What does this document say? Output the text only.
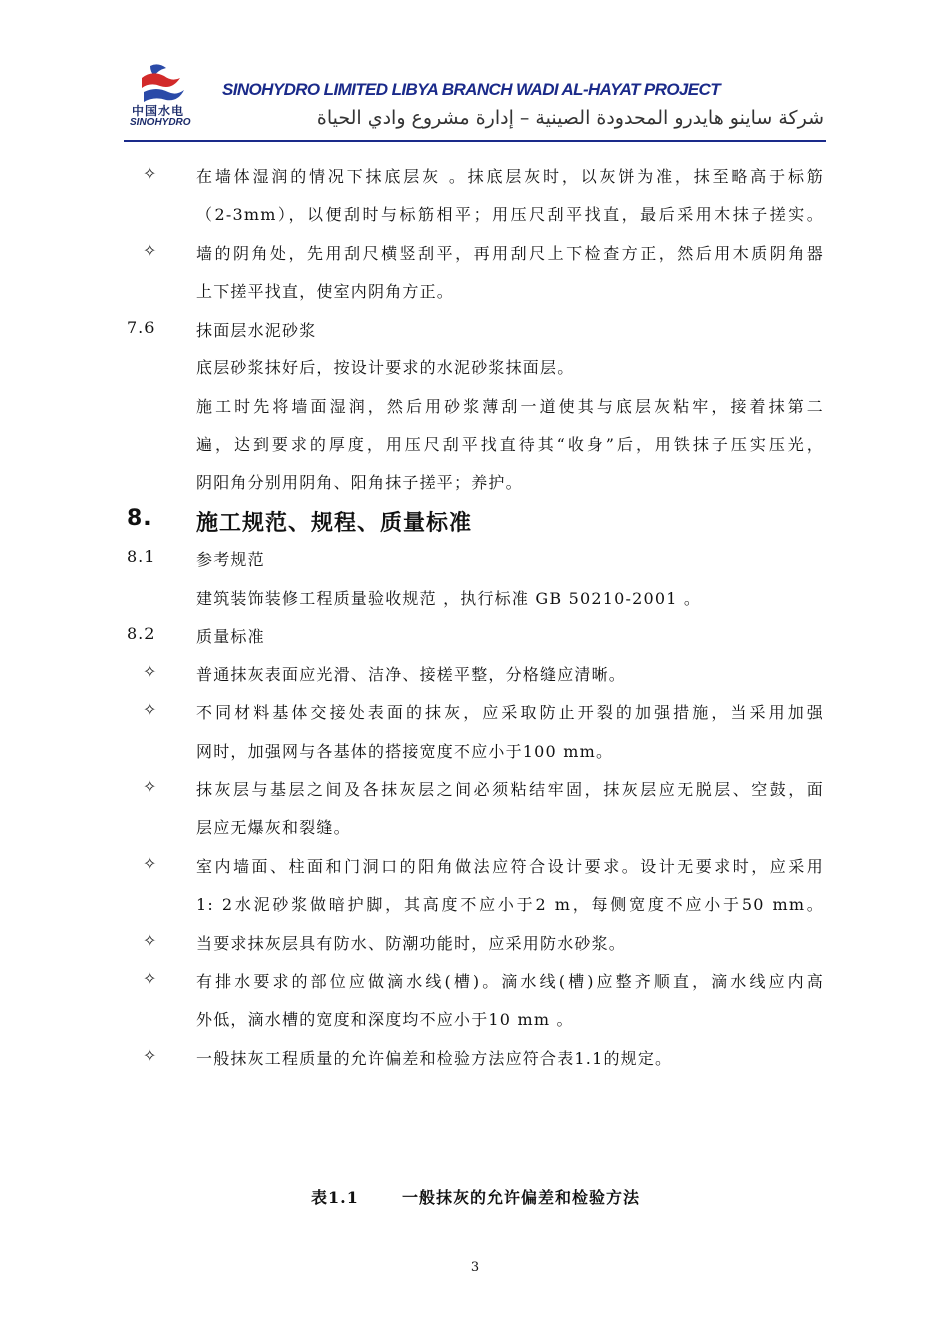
中国水电
SINOHYDRO
SINOHYDRO LIMITED LIBYA BRANCH WADI AL-HAYAT PROJECT
شركة ساينو هايدرو المحدودة الصينية – إدارة مشروع وادي الحياة
✧ 在墙体湿润的情况下抹底层灰 。抹底层灰时，以灰饼为准，抹至略高于标筋
（2-3mm），以便刮时与标筋相平；用压尺刮平找直，最后采用木抹子搓实。
✧ 墙的阴角处，先用刮尺横竖刮平，再用刮尺上下检查方正，然后用木质阴角器
上下搓平找直，使室内阴角方正。
7.6	抹面层水泥砂浆
底层砂浆抹好后，按设计要求的水泥砂浆抹面层。
施工时先将墙面湿润，然后用砂浆薄刮一道使其与底层灰粘牢，接着抹第二
遍，达到要求的厚度，用压尺刮平找直待其“收身”后，用铁抹子压实压光，
阴阳角分别用阴角、阳角抹子搓平；养护。
8. 施工规范、规程、质量标准
8.1	参考规范
建筑装饰装修工程质量验收规范 ，执行标准 GB 50210-2001 。
8.2	质量标准
✧ 普通抹灰表面应光滑、洁净、接槎平整，分格缝应清晰。
✧ 不同材料基体交接处表面的抹灰，应采取防止开裂的加强措施，当采用加强
网时，加强网与各基体的搭接宽度不应小于100 mm。
✧ 抹灰层与基层之间及各抹灰层之间必须粘结牢固，抹灰层应无脱层、空鼓，面
层应无爆灰和裂缝。
✧ 室内墙面、柱面和门洞口的阳角做法应符合设计要求。设计无要求时，应采用
1: 2水泥砂浆做暗护脚，其高度不应小于2 m，每侧宽度不应小于50 mm。
✧ 当要求抹灰层具有防水、防潮功能时，应采用防水砂浆。
✧ 有排水要求的部位应做滴水线(槽)。滴水线(槽)应整齐顺直，滴水线应内高
外低，滴水槽的宽度和深度均不应小于10 mm 。
✧ 一般抹灰工程质量的允许偏差和检验方法应符合表1.1的规定。
表1.1	一般抹灰的允许偏差和检验方法
3
